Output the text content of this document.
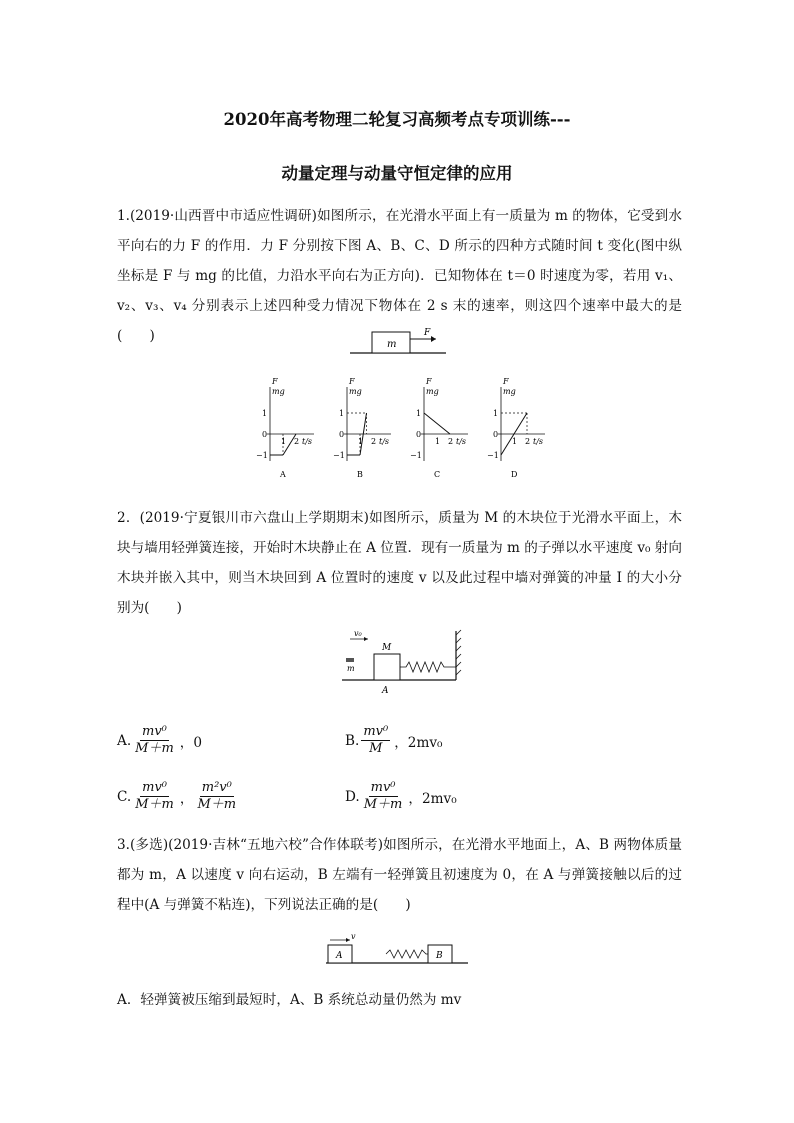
2020年高考物理二轮复习高频考点专项训练---
动量定理与动量守恒定律的应用
1.(2019·山西晋中市适应性调研)如图所示，在光滑水平面上有一质量为 m 的物体，它受到水平向右的力 F 的作用．力 F 分别按下图 A、B、C、D 所示的四种方式随时间 t 变化(图中纵坐标是 F 与 mg 的比值，力沿水平向右为正方向)．已知物体在 t＝0 时速度为零，若用 v₁、v₂、v₃、v₄ 分别表示上述四种受力情况下物体在 2 s 末的速率，则这四个速率中最大的是(　　)
m
F
F
mg
1
0
−1
1 2 t/s
A
F
mg
1
0
−1
1 2 t/s
B
F
mg
1
0
−1
1 2 t/s
C
F
mg
1
0
−1
1 2 t/s
D
2．(2019·宁夏银川市六盘山上学期期末)如图所示，质量为 M 的木块位于光滑水平面上，木块与墙用轻弹簧连接，开始时木块静止在 A 位置．现有一质量为 m 的子弹以水平速度 v₀ 射向木块并嵌入其中，则当木块回到 A 位置时的速度 v 以及此过程中墙对弹簧的冲量 I 的大小分别为(　　)
M
v₀
m
A
A. $\frac{\text{mv⁰}}{M+m}$ ，0	B. $\frac{\text{mv⁰}}{M}$ ，2mv₀
C. $\frac{\text{mv⁰}}{M+m}$ ， $\frac{\text{m²v⁰}}{M+m}$	D. $\frac{\text{mv⁰}}{M+m}$ ，2mv₀
3.(多选)(2019·吉林“五地六校”合作体联考)如图所示，在光滑水平地面上，A、B 两物体质量都为 m，A 以速度 v 向右运动，B 左端有一轻弹簧且初速度为 0，在 A 与弹簧接触以后的过程中(A 与弹簧不粘连)，下列说法正确的是(　　)
A
v
B
A．轻弹簧被压缩到最短时，A、B 系统总动量仍然为 mv
